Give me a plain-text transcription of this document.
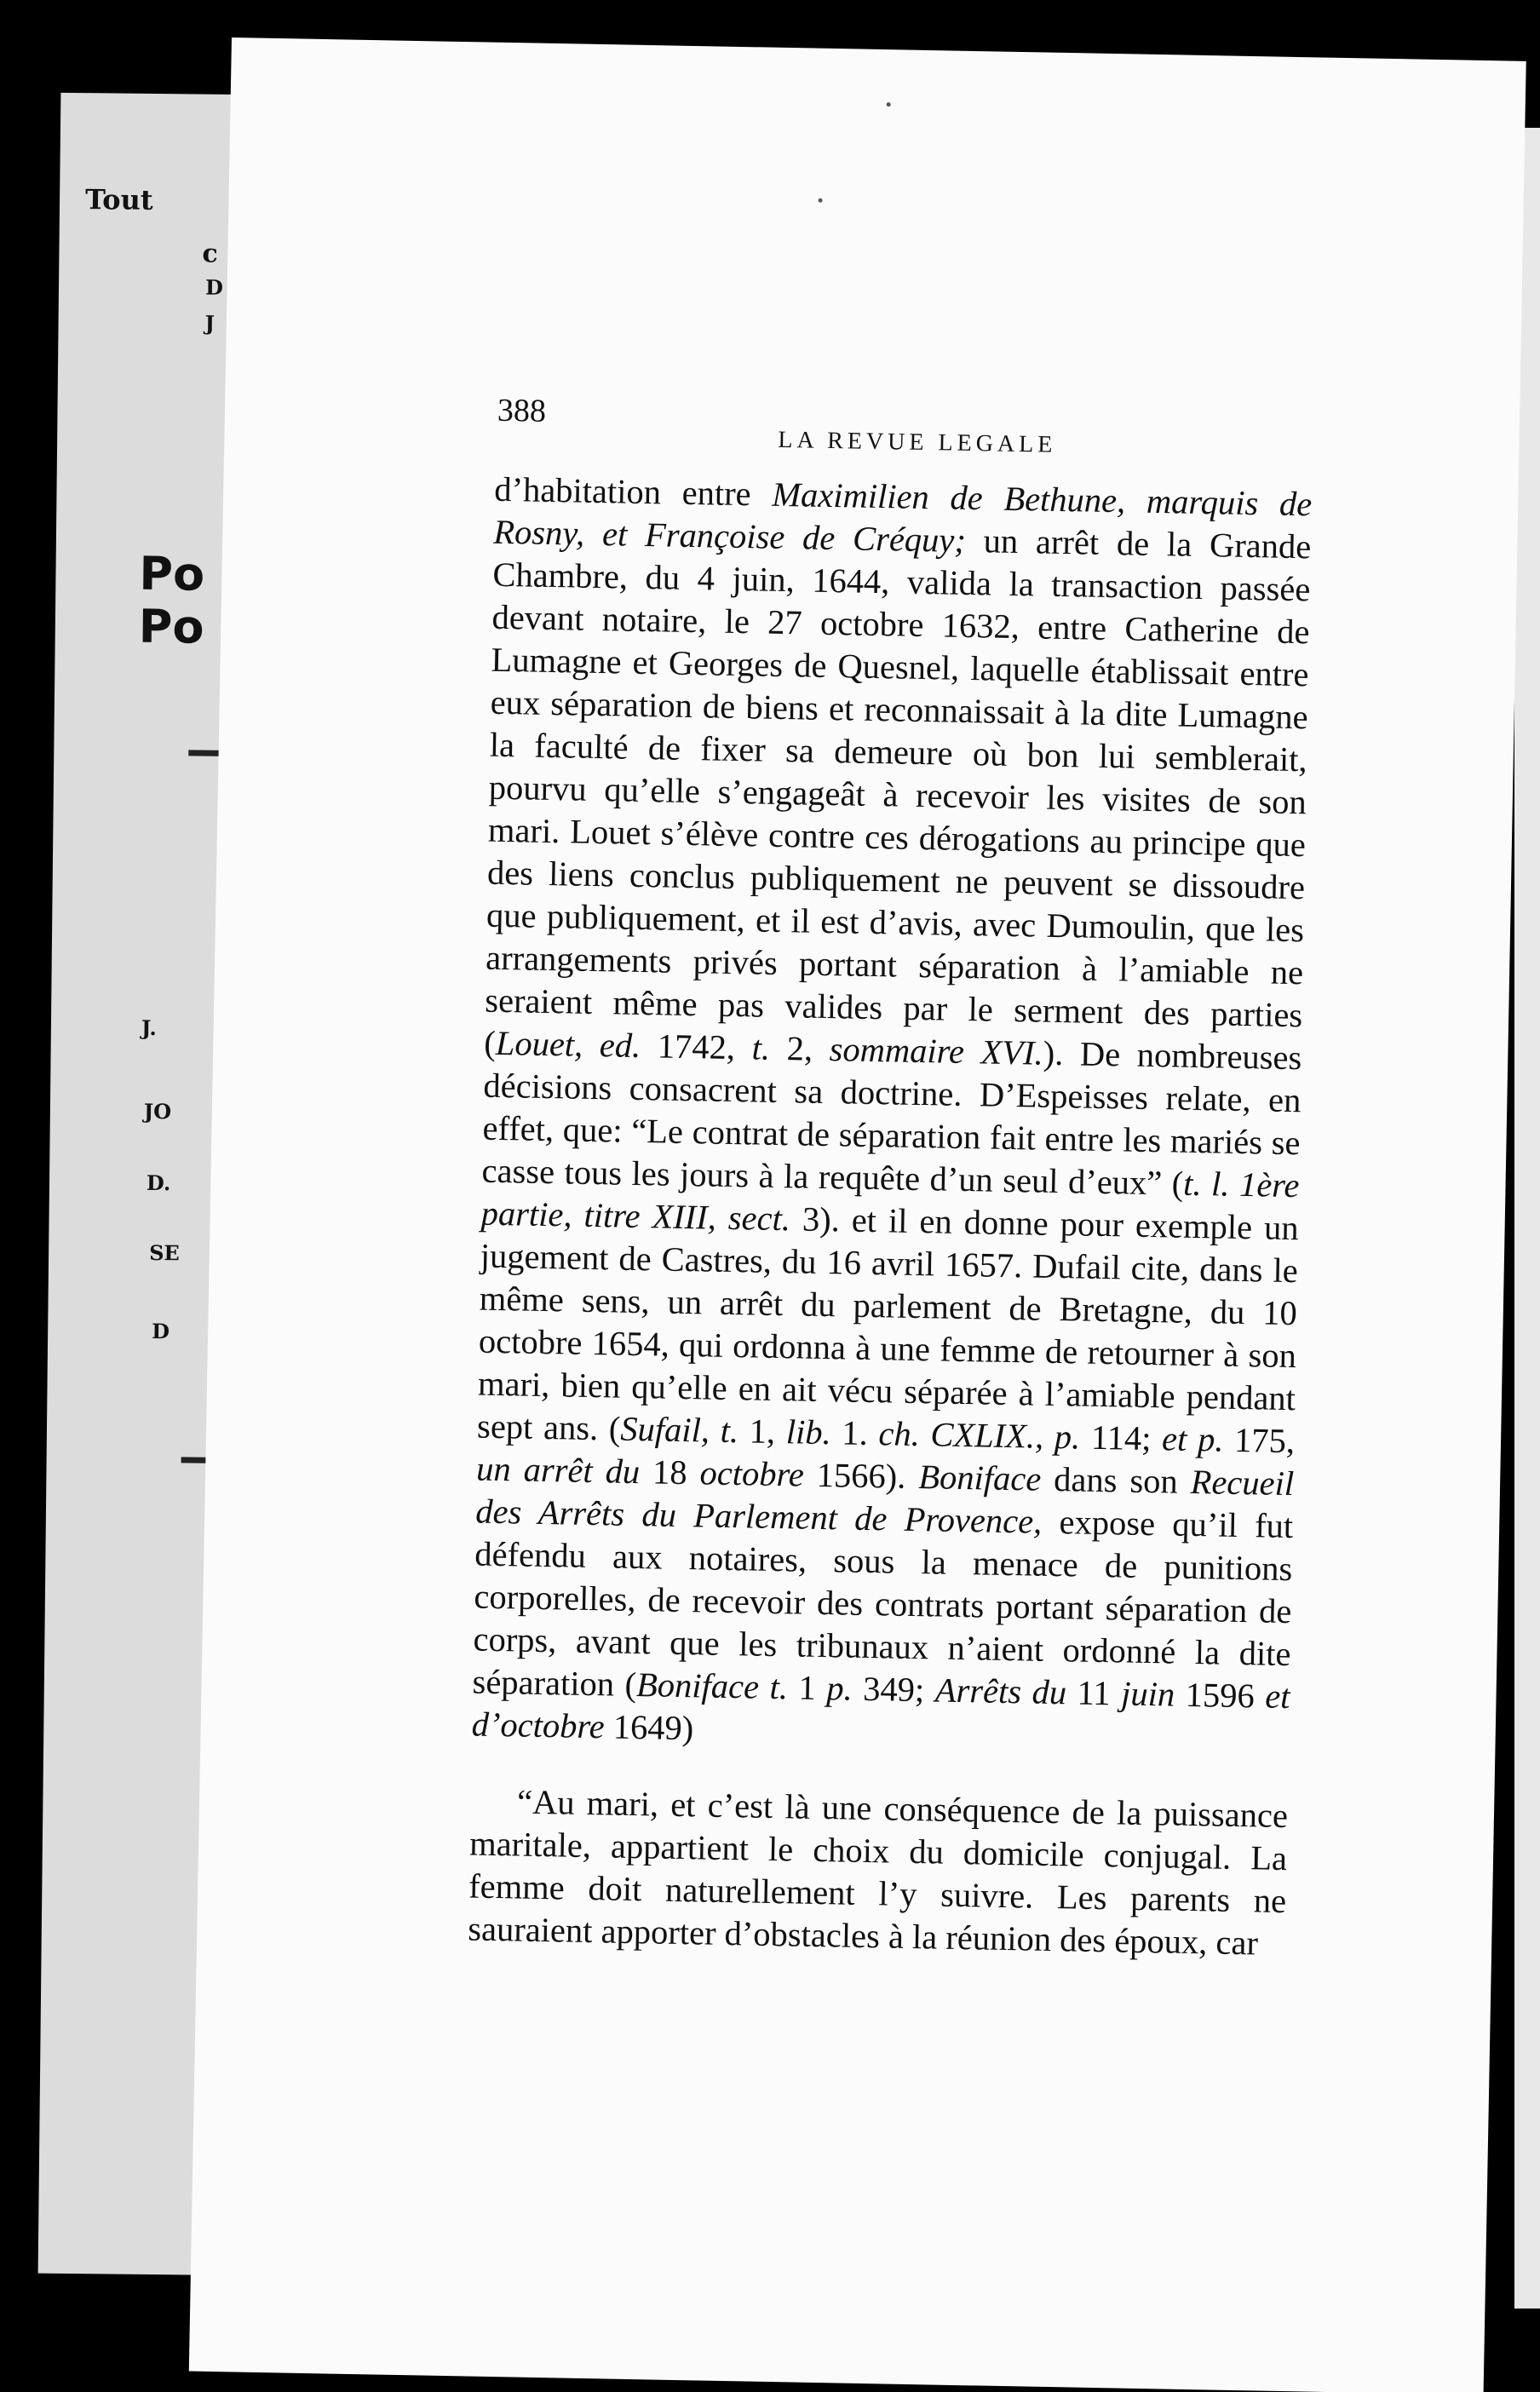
Tout
c
D
J
Po
Po
J.
JO
D.
SE
D
388
LA REVUE LEGALE

d’habitation entre Maximilien de Bethune, marquis de Rosny, et Françoise de Créquy; un arrêt de la Grande Chambre, du 4 juin, 1644, valida la transaction passée devant notaire, le 27 octobre 1632, entre Catherine de Lumagne et Georges de Quesnel, laquelle établissait entre eux séparation de biens et reconnaissait à la dite Lumagne la faculté de fixer sa demeure où bon lui semblerait, pourvu qu’elle s’engageât à recevoir les visites de son mari. Louet s’élève contre ces dérogations au principe que des liens conclus publiquement ne peuvent se dissoudre que publiquement, et il est d’avis, avec Dumoulin, que les arrangements privés portant séparation à l’amiable ne seraient même pas valides par le serment des parties (Louet, ed. 1742, t. 2, sommaire XVI.). De nombreuses décisions consacrent sa doctrine. D’Espeisses relate, en effet, que: “Le contrat de séparation fait entre les mariés se casse tous les jours à la requête d’un seul d’eux” (t. l. 1ère partie, titre XIII, sect. 3). et il en donne pour exemple un jugement de Castres, du 16 avril 1657. Dufail cite, dans le même sens, un arrêt du parlement de Bretagne, du 10 octobre 1654, qui ordonna à une femme de retourner à son mari, bien qu’elle en ait vécu séparée à l’amiable pendant sept ans. (Sufail, t. 1, lib. 1. ch. CXLIX., p. 114; et p. 175, un arrêt du 18 octobre 1566). Boniface dans son Recueil des Arrêts du Parlement de Provence, expose qu’il fut défendu aux notaires, sous la menace de punitions corporelles, de recevoir des contrats portant séparation de corps, avant que les tribunaux n’aient ordonné la dite séparation (Boniface t. 1 p. 349; Arrêts du 11 juin 1596 et d’octobre 1649)

“Au mari, et c’est là une conséquence de la puissance maritale, appartient le choix du domicile conjugal. La femme doit naturellement l’y suivre. Les parents ne sauraient apporter d’obstacles à la réunion des époux, car
